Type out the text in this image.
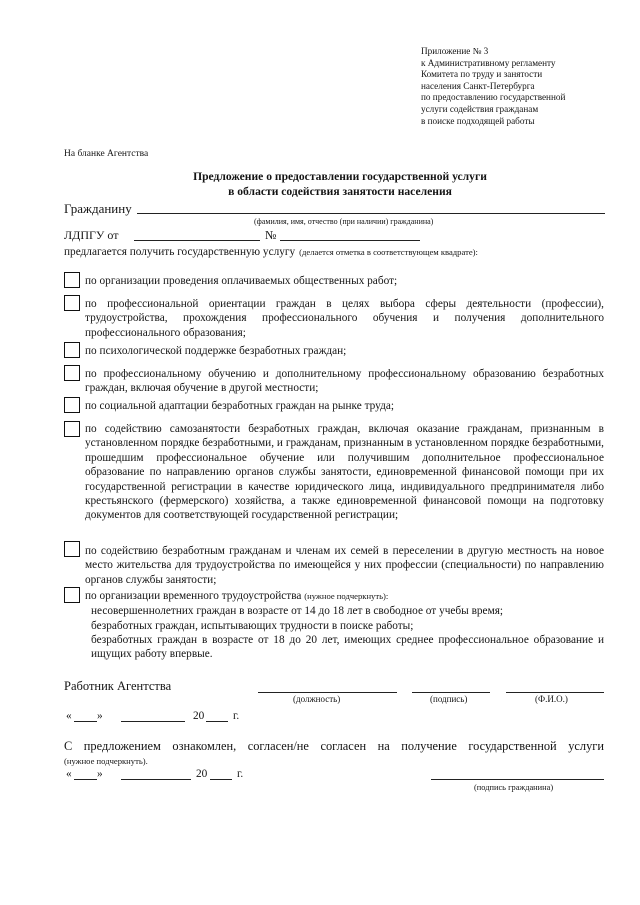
Приложение № 3
к Административному регламенту
Комитета по труду и занятости
населения Санкт-Петербурга
по предоставлению государственной
услуги содействия гражданам
в поиске подходящей работы
На бланке Агентства
Предложение о предоставлении государственной услуги
в области содействия занятости населения
Гражданину
(фамилия, имя, отчество (при наличии) гражданина)
ЛДПГУ от	№
предлагается получить государственную услугу (делается отметка в соответствующем квадрате):
по организации проведения оплачиваемых общественных работ;
по профессиональной ориентации граждан в целях выбора сферы деятельности (профессии), трудоустройства, прохождения профессионального обучения и получения дополнительного профессионального образования;
по психологической поддержке безработных граждан;
по профессиональному обучению и дополнительному профессиональному образованию безработных граждан, включая обучение в другой местности;
по социальной адаптации безработных граждан на рынке труда;
по содействию самозанятости безработных граждан, включая оказание гражданам, признанным в установленном порядке безработными, и гражданам, признанным в установленном порядке безработными, прошедшим профессиональное обучение или получившим дополнительное профессиональное образование по направлению органов службы занятости, единовременной финансовой помощи при их государственной регистрации в качестве юридического лица, индивидуального предпринимателя либо крестьянского (фермерского) хозяйства, а также единовременной финансовой помощи на подготовку документов для соответствующей государственной регистрации;
по содействию безработным гражданам и членам их семей в переселении в другую местность на новое место жительства для трудоустройства по имеющейся у них профессии (специальности) по направлению органов службы занятости;
по организации временного трудоустройства (нужное подчеркнуть):
несовершеннолетних граждан в возрасте от 14 до 18 лет в свободное от учебы время;
безработных граждан, испытывающих трудности в поиске работы;
безработных граждан в возрасте от 18 до 20 лет, имеющих среднее профессиональное образование и ищущих работу впервые.
Работник Агентства
(должность)	(подпись)	(Ф.И.О.)
« »	20	г.
С предложением ознакомлен, согласен/не согласен на получение государственной услуги
(нужное подчеркнуть).
« »	20	г.
(подпись гражданина)
